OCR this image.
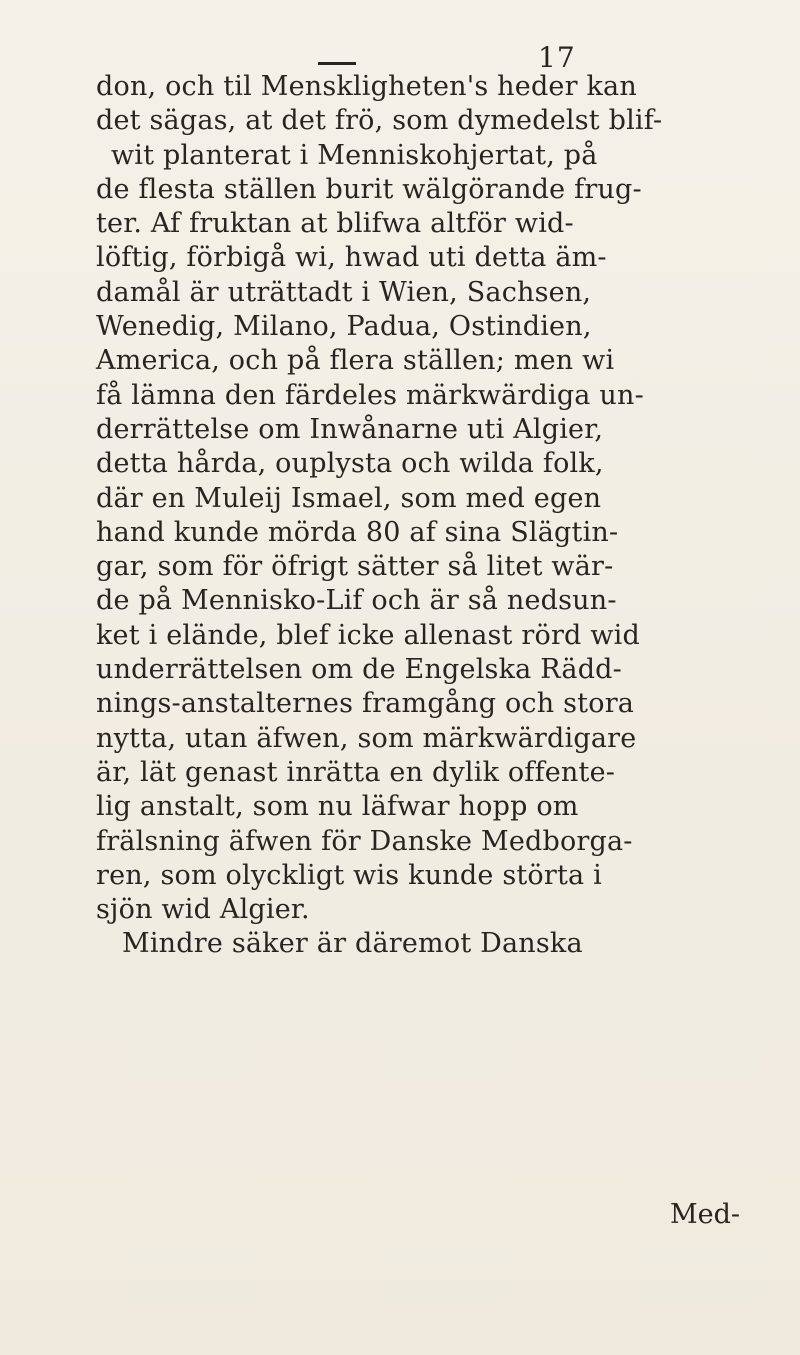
17
don, och til Menskligheten's heder kan
det sägas, at det frö, som dymedelst blif-
wit planterat i Menniskohjertat, på
de flesta ställen burit wälgörande frug-
ter. Af fruktan at blifwa altför wid-
löftig, förbigå wi, hwad uti detta äm-
damål är uträttadt i Wien, Sachsen,
Wenedig, Milano, Padua, Ostindien,
America, och på flera ställen; men wi
få lämna den färdeles märkwärdiga un-
derrättelse om Inwånarne uti Algier,
detta hårda, ouplysta och wilda folk,
där en Muleij Ismael, som med egen
hand kunde mörda 80 af sina Slägtin-
gar, som för öfrigt sätter så litet wär-
de på Mennisko-Lif och är så nedsun-
ket i elände, blef icke allenast rörd wid
underrättelsen om de Engelska Rädd-
nings-anstalternes framgång och stora
nytta, utan äfwen, som märkwärdigare
är, lät genast inrätta en dylik offente-
lig anstalt, som nu läfwar hopp om
frälsning äfwen för Danske Medborga-
ren, som olyckligt wis kunde störta i
sjön wid Algier.
Mindre säker är däremot Danska
Med-
